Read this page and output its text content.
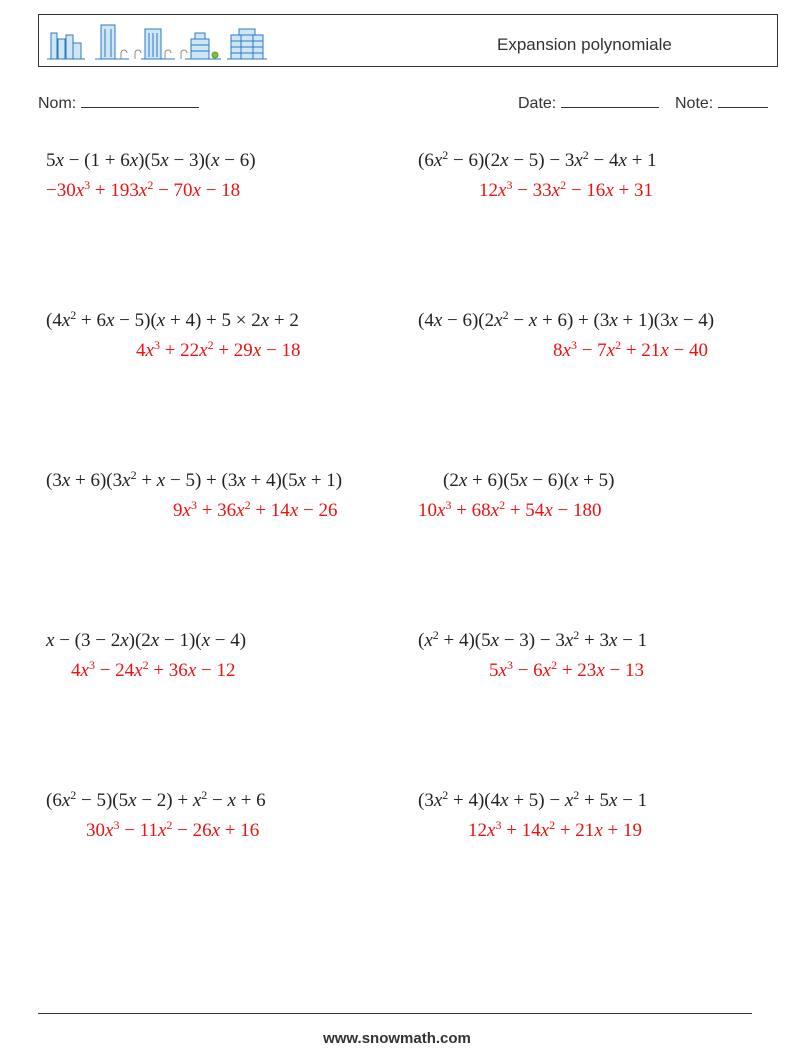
Expansion polynomiale
Nom:	Date:	Note:
5x − (1 + 6x)(5x − 3)(x − 6)
$-30x^3 + 193x^2 - 70x - 18$
$(6x^2 - 6)(2x - 5) - 3x^2 - 4x + 1$
$12x^3 - 33x^2 - 16x + 31$
$(4x^2 + 6x - 5)(x + 4) + 5 \times 2x + 2$
$4x^3 + 22x^2 + 29x - 18$
$(4x - 6)(2x^2 - x + 6) + (3x + 1)(3x - 4)$
$8x^3 - 7x^2 + 21x - 40$
$(3x + 6)(3x^2 + x - 5) + (3x + 4)(5x + 1)$
$9x^3 + 36x^2 + 14x - 26$
(2x + 6)(5x − 6)(x + 5)
$10x^3 + 68x^2 + 54x - 180$
x − (3 − 2x)(2x − 1)(x − 4)
$4x^3 - 24x^2 + 36x - 12$
$(x^2 + 4)(5x - 3) - 3x^2 + 3x - 1$
$5x^3 - 6x^2 + 23x - 13$
$(6x^2 - 5)(5x - 2) + x^2 - x + 6$
$30x^3 - 11x^2 - 26x + 16$
$(3x^2 + 4)(4x + 5) - x^2 + 5x - 1$
$12x^3 + 14x^2 + 21x + 19$
www.snowmath.com
